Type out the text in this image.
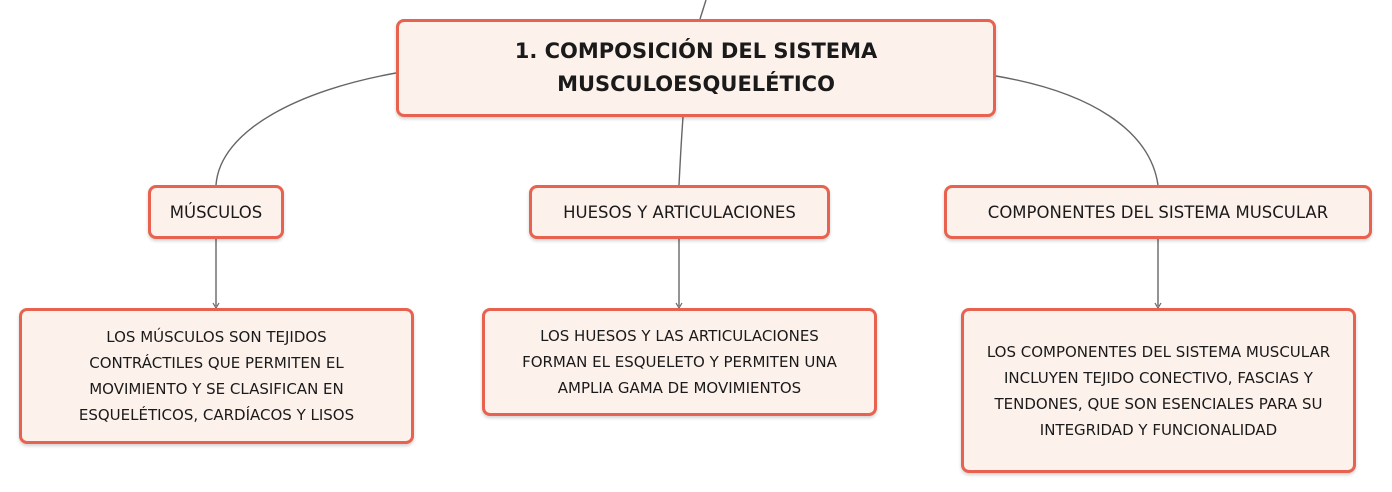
1. COMPOSICIÓN DEL SISTEMA
MUSCULOESQUELÉTICO
MÚSCULOS	HUESOS Y ARTICULACIONES	COMPONENTES DEL SISTEMA MUSCULAR
LOS MÚSCULOS SON TEJIDOS
CONTRÁCTILES QUE PERMITEN EL
MOVIMIENTO Y SE CLASIFICAN EN
ESQUELÉTICOS, CARDÍACOS Y LISOS
LOS HUESOS Y LAS ARTICULACIONES
FORMAN EL ESQUELETO Y PERMITEN UNA
AMPLIA GAMA DE MOVIMIENTOS
LOS COMPONENTES DEL SISTEMA MUSCULAR
INCLUYEN TEJIDO CONECTIVO, FASCIAS Y
TENDONES, QUE SON ESENCIALES PARA SU
INTEGRIDAD Y FUNCIONALIDAD
